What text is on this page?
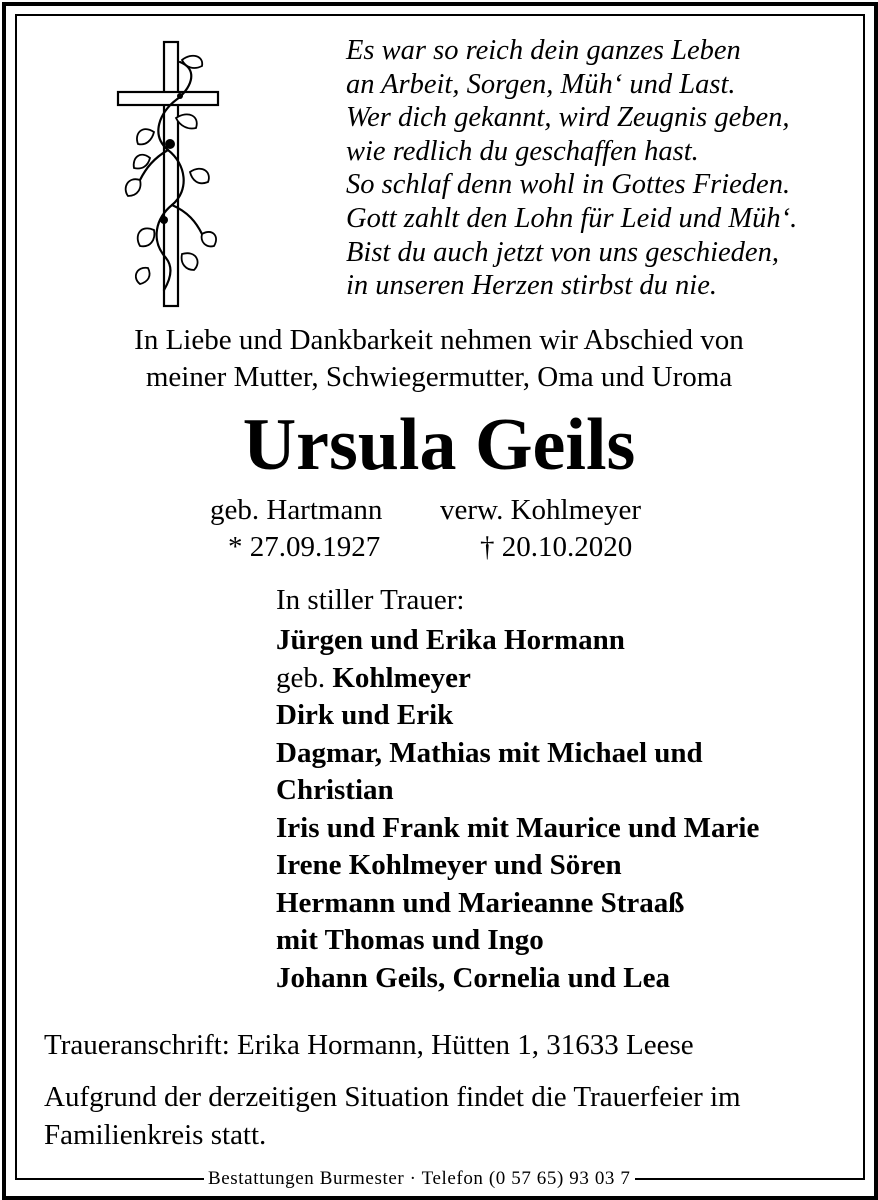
Es war so reich dein ganzes Leben
an Arbeit, Sorgen, Müh‘ und Last.
Wer dich gekannt, wird Zeugnis geben,
wie redlich du geschaffen hast.
So schlaf denn wohl in Gottes Frieden.
Gott zahlt den Lohn für Leid und Müh‘.
Bist du auch jetzt von uns geschieden,
in unseren Herzen stirbst du nie.
In Liebe und Dankbarkeit nehmen wir Abschied von
meiner Mutter, Schwiegermutter, Oma und Uroma
Ursula Geils
geb. Hartmann verw. Kohlmeyer
* 27.09.1927	† 20.10.2020
In stiller Trauer:
Jürgen und Erika Hormann
geb. Kohlmeyer
Dirk und Erik
Dagmar, Mathias mit Michael und
Christian
Iris und Frank mit Maurice und Marie
Irene Kohlmeyer und Sören
Hermann und Marieanne Straaß
mit Thomas und Ingo
Johann Geils, Cornelia und Lea
Traueranschrift: Erika Hormann, Hütten 1, 31633 Leese
Aufgrund der derzeitigen Situation findet die Trauerfeier im Familienkreis statt.
Bestattungen Burmester · Telefon (0 57 65) 93 03 7
